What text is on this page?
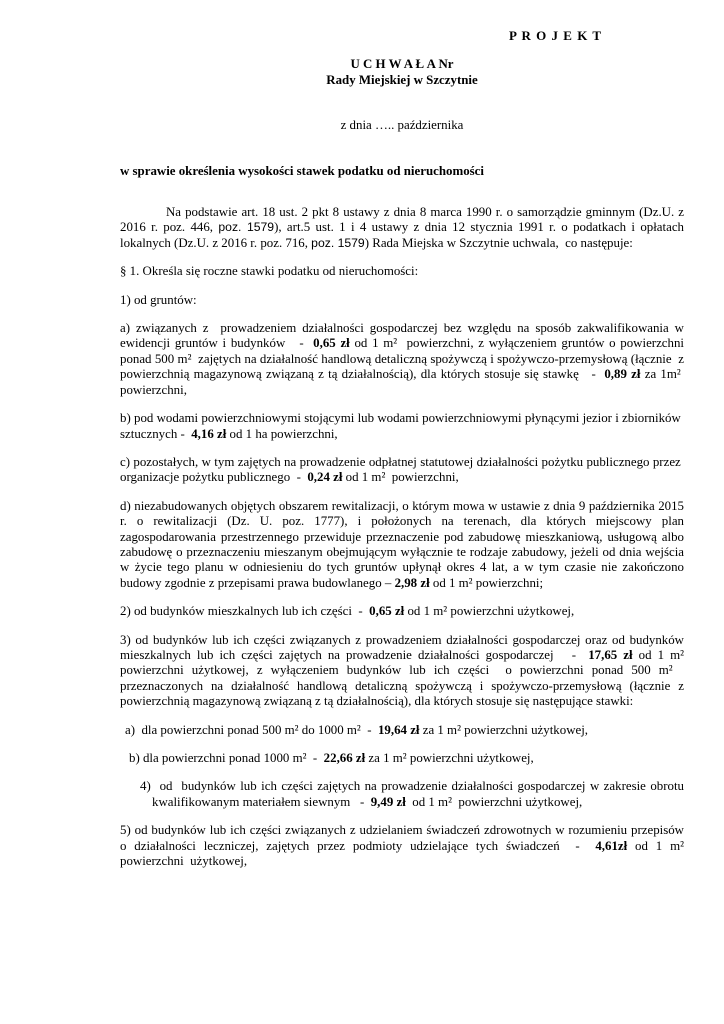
P R O J E K T
U C H W A Ł A Nr
Rady Miejskiej w Szczytnie
z dnia ….. października
w sprawie określenia wysokości stawek podatku od nieruchomości

Na podstawie art. 18 ust. 2 pkt 8 ustawy z dnia 8 marca 1990 r. o samorządzie gminnym (Dz.U. z 2016 r. poz. 446, poz. 1579), art.5 ust. 1 i 4 ustawy z dnia 12 stycznia 1991 r. o podatkach i opłatach lokalnych (Dz.U. z 2016 r. poz. 716, poz. 1579) Rada Miejska w Szczytnie uchwala,  co następuje:

§ 1. Określa się roczne stawki podatku od nieruchomości:

1) od gruntów:

a) związanych z  prowadzeniem działalności gospodarczej bez względu na sposób zakwalifikowania w ewidencji gruntów i budynków   -  0,65 zł od 1 m²  powierzchni, z wyłączeniem gruntów o powierzchni ponad 500 m²  zajętych na działalność handlową detaliczną spożywczą i spożywczo-przemysłową (łącznie  z powierzchnią magazynową związaną z tą działalnością), dla których stosuje się stawkę   -  0,89 zł za 1m²  powierzchni,

b) pod wodami powierzchniowymi stojącymi lub wodami powierzchniowymi płynącymi jezior i zbiorników  sztucznych -  4,16 zł od 1 ha powierzchni,

c) pozostałych, w tym zajętych na prowadzenie odpłatnej statutowej działalności pożytku publicznego przez  organizacje pożytku publicznego  -  0,24 zł od 1 m²  powierzchni,

d) niezabudowanych objętych obszarem rewitalizacji, o którym mowa w ustawie z dnia 9 października 2015 r. o rewitalizacji (Dz. U. poz. 1777), i położonych na terenach, dla których miejscowy plan zagospodarowania przestrzennego przewiduje przeznaczenie pod zabudowę mieszkaniową, usługową albo zabudowę o przeznaczeniu mieszanym obejmującym wyłącznie te rodzaje zabudowy, jeżeli od dnia wejścia w życie tego planu w odniesieniu do tych gruntów upłynął okres 4 lat, a w tym czasie nie zakończono budowy zgodnie z przepisami prawa budowlanego – 2,98 zł od 1 m² powierzchni;

2) od budynków mieszkalnych lub ich części  -  0,65 zł od 1 m² powierzchni użytkowej,

3) od budynków lub ich części związanych z prowadzeniem działalności gospodarczej oraz od budynków mieszkalnych lub ich części zajętych na prowadzenie działalności gospodarczej   -  17,65 zł od 1 m² powierzchni użytkowej, z wyłączeniem budynków lub ich części  o powierzchni ponad 500 m²   przeznaczonych na działalność handlową detaliczną spożywczą i spożywczo-przemysłową (łącznie z powierzchnią magazynową związaną z tą działalnością), dla których stosuje się następujące stawki:

a)  dla powierzchni ponad 500 m² do 1000 m²  -  19,64 zł za 1 m² powierzchni użytkowej,

b) dla powierzchni ponad 1000 m²  -  22,66 zł za 1 m² powierzchni użytkowej,

4)  od  budynków lub ich części zajętych na prowadzenie działalności gospodarczej w zakresie obrotu kwalifikowanym materiałem siewnym   -  9,49 zł  od 1 m²  powierzchni użytkowej,

5) od budynków lub ich części związanych z udzielaniem świadczeń zdrowotnych w rozumieniu przepisów o działalności leczniczej, zajętych przez podmioty udzielające tych świadczeń  -  4,61zł od 1 m² powierzchni  użytkowej,
